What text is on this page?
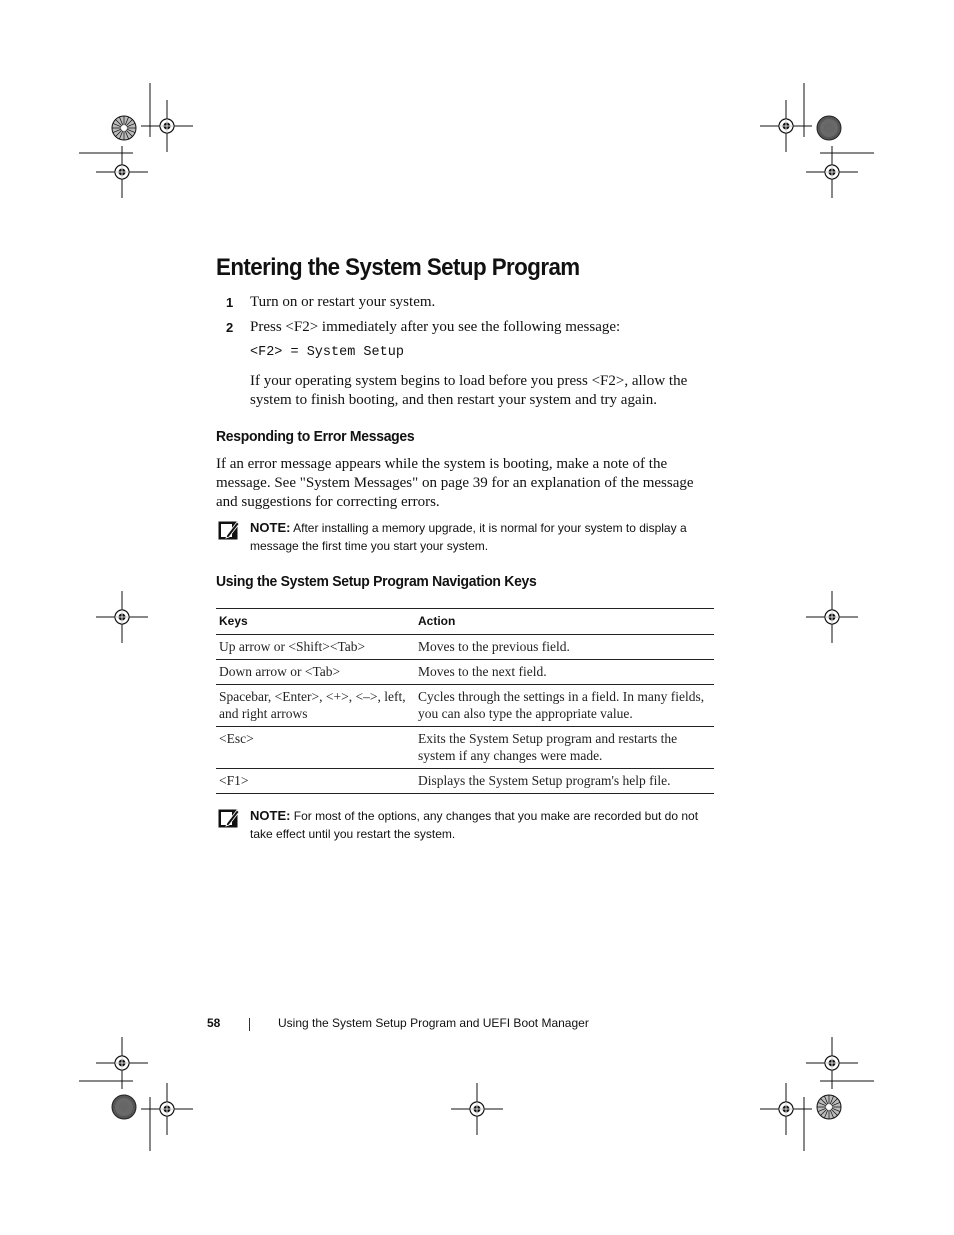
Entering the System Setup Program
1 Turn on or restart your system.
2 Press <F2> immediately after you see the following message:
<F2> = System Setup

If your operating system begins to load before you press <F2>, allow the system to finish booting, and then restart your system and try again.

Responding to Error Messages

If an error message appears while the system is booting, make a note of the message. See "System Messages" on page 39 for an explanation of the message and suggestions for correcting errors.

NOTE: After installing a memory upgrade, it is normal for your system to display a message the first time you start your system.
Using the System Setup Program Navigation Keys
Keys	Action
Up arrow or <Shift><Tab>	Moves to the previous field.
Down arrow or <Tab>	Moves to the next field.
Spacebar, <Enter>, <+>, <–>, left, and right arrows	Cycles through the settings in a field. In many fields, you can also type the appropriate value.
<Esc>	Exits the System Setup program and restarts the system if any changes were made.
<F1>	Displays the System Setup program's help file.
NOTE: For most of the options, any changes that you make are recorded but do not take effect until you restart the system.
58	Using the System Setup Program and UEFI Boot Manager
